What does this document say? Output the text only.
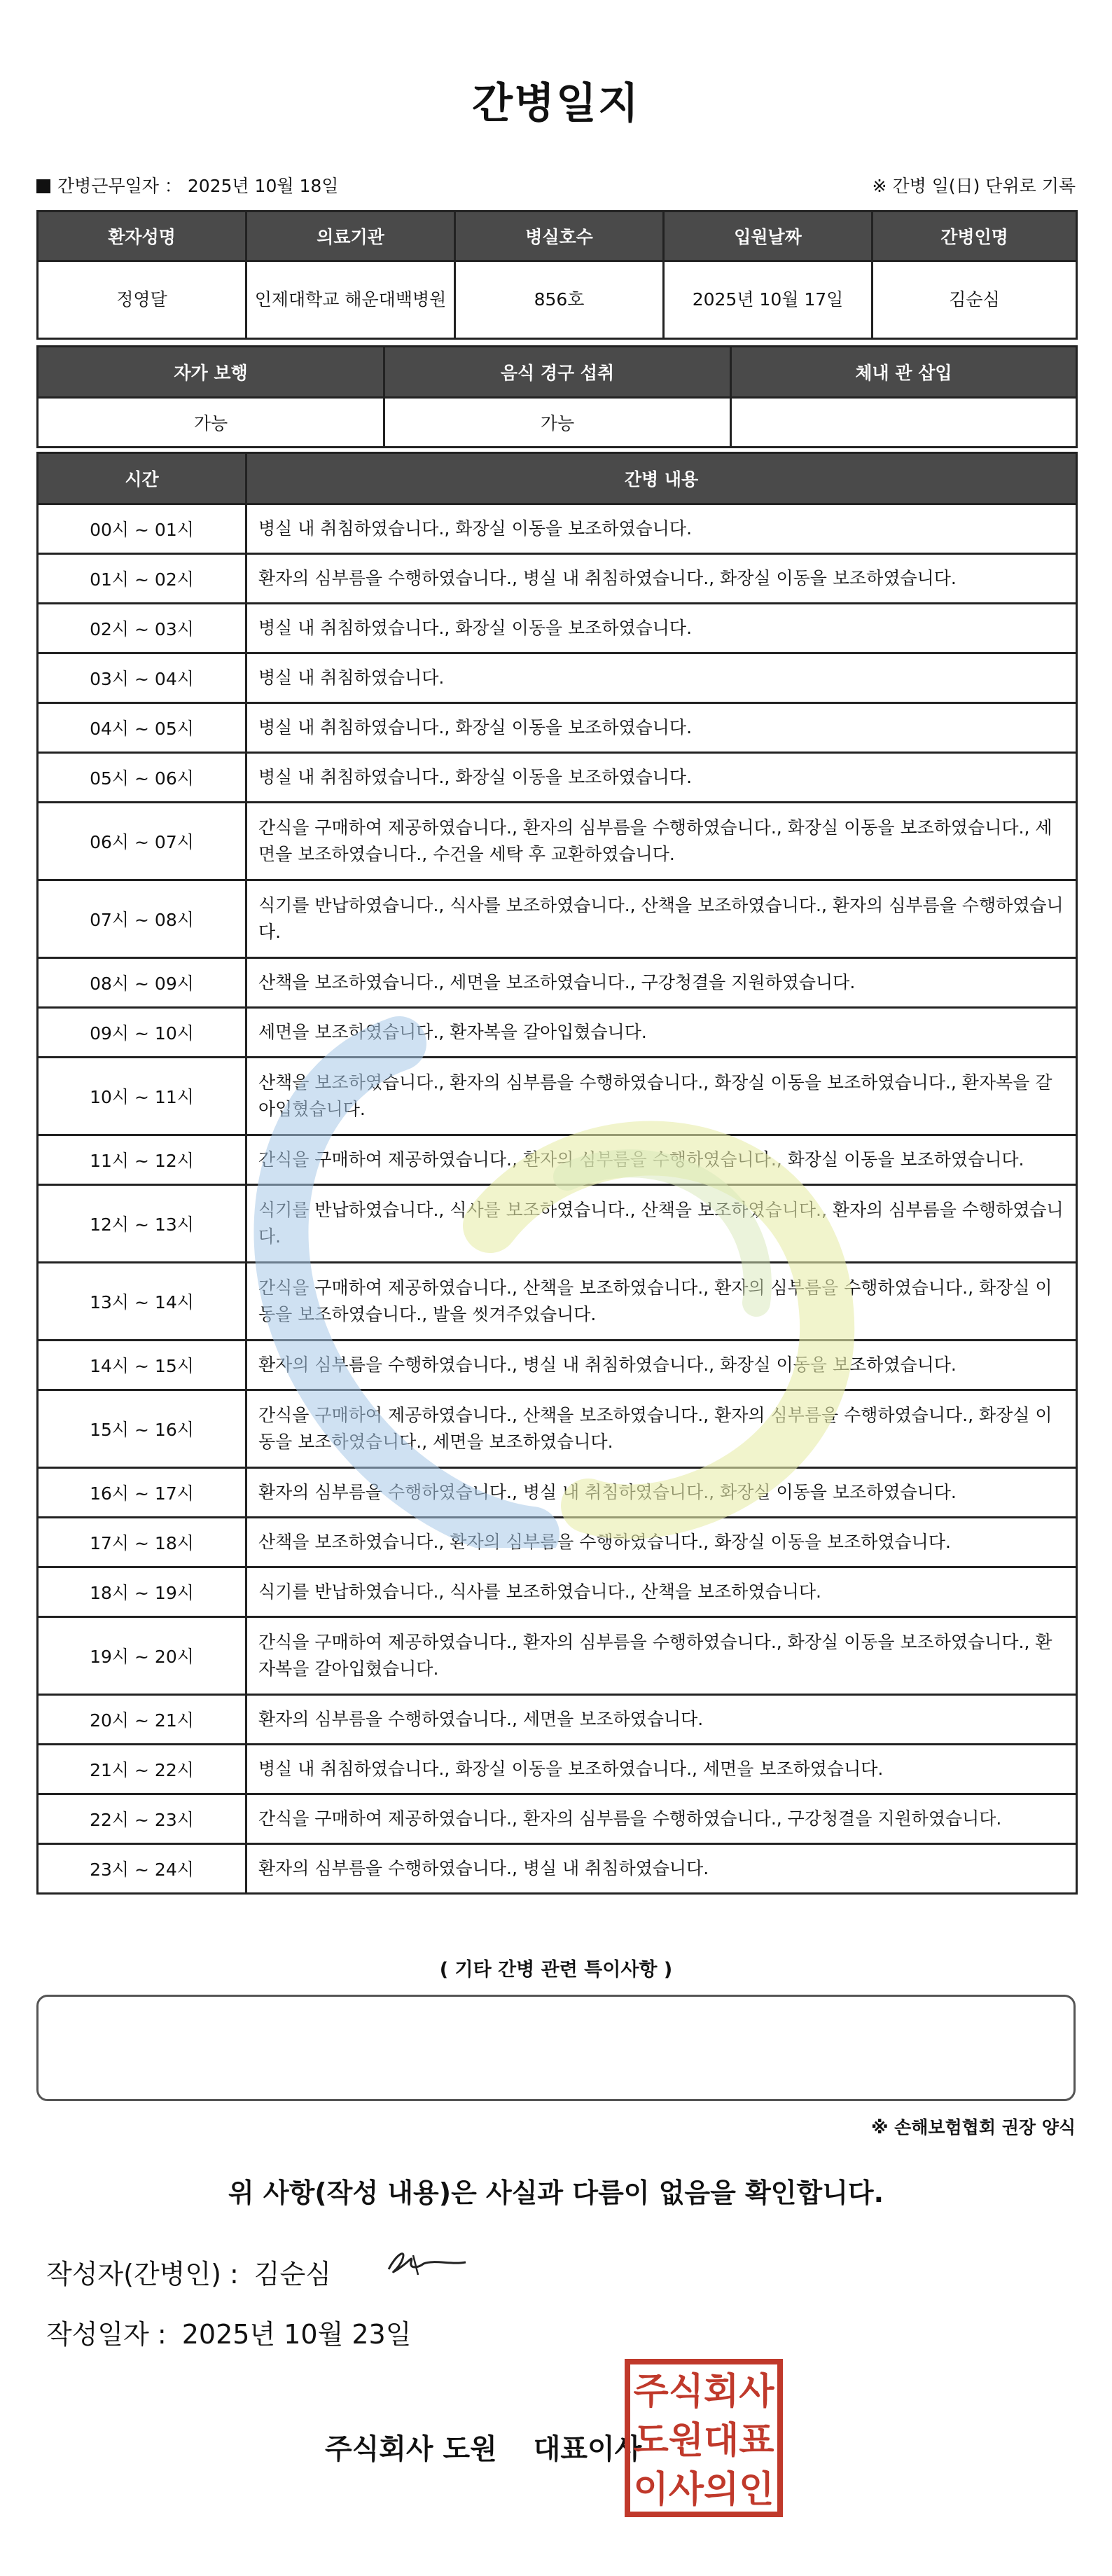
간병일지
간병근무일자 ： 2025년 10월 18일	※ 간병 일(日) 단위로 기록
환자성명	의료기관	병실호수	입원날짜	간병인명
정영달	인제대학교 해운대백병원	856호	2025년 10월 17일	김순심
자가 보행	음식 경구 섭취	체내 관 삽입
가능	가능	
시간	간병 내용
00시 ~ 01시	병실 내 취침하였습니다., 화장실 이동을 보조하였습니다.
01시 ~ 02시	환자의 심부름을 수행하였습니다., 병실 내 취침하였습니다., 화장실 이동을 보조하였습니다.
02시 ~ 03시	병실 내 취침하였습니다., 화장실 이동을 보조하였습니다.
03시 ~ 04시	병실 내 취침하였습니다.
04시 ~ 05시	병실 내 취침하였습니다., 화장실 이동을 보조하였습니다.
05시 ~ 06시	병실 내 취침하였습니다., 화장실 이동을 보조하였습니다.
06시 ~ 07시	간식을 구매하여 제공하였습니다., 환자의 심부름을 수행하였습니다., 화장실 이동을 보조하였습니다., 세면을 보조하였습니다., 수건을 세탁 후 교환하였습니다.
07시 ~ 08시	식기를 반납하였습니다., 식사를 보조하였습니다., 산책을 보조하였습니다., 환자의 심부름을 수행하였습니다.
08시 ~ 09시	산책을 보조하였습니다., 세면을 보조하였습니다., 구강청결을 지원하였습니다.
09시 ~ 10시	세면을 보조하였습니다., 환자복을 갈아입혔습니다.
10시 ~ 11시	산책을 보조하였습니다., 환자의 심부름을 수행하였습니다., 화장실 이동을 보조하였습니다., 환자복을 갈아입혔습니다.
11시 ~ 12시	간식을 구매하여 제공하였습니다., 환자의 심부름을 수행하였습니다., 화장실 이동을 보조하였습니다.
12시 ~ 13시	식기를 반납하였습니다., 식사를 보조하였습니다., 산책을 보조하였습니다., 환자의 심부름을 수행하였습니다.
13시 ~ 14시	간식을 구매하여 제공하였습니다., 산책을 보조하였습니다., 환자의 심부름을 수행하였습니다., 화장실 이동을 보조하였습니다., 발을 씻겨주었습니다.
14시 ~ 15시	환자의 심부름을 수행하였습니다., 병실 내 취침하였습니다., 화장실 이동을 보조하였습니다.
15시 ~ 16시	간식을 구매하여 제공하였습니다., 산책을 보조하였습니다., 환자의 심부름을 수행하였습니다., 화장실 이동을 보조하였습니다., 세면을 보조하였습니다.
16시 ~ 17시	환자의 심부름을 수행하였습니다., 병실 내 취침하였습니다., 화장실 이동을 보조하였습니다.
17시 ~ 18시	산책을 보조하였습니다., 환자의 심부름을 수행하였습니다., 화장실 이동을 보조하였습니다.
18시 ~ 19시	식기를 반납하였습니다., 식사를 보조하였습니다., 산책을 보조하였습니다.
19시 ~ 20시	간식을 구매하여 제공하였습니다., 환자의 심부름을 수행하였습니다., 화장실 이동을 보조하였습니다., 환자복을 갈아입혔습니다.
20시 ~ 21시	환자의 심부름을 수행하였습니다., 세면을 보조하였습니다.
21시 ~ 22시	병실 내 취침하였습니다., 화장실 이동을 보조하였습니다., 세면을 보조하였습니다.
22시 ~ 23시	간식을 구매하여 제공하였습니다., 환자의 심부름을 수행하였습니다., 구강청결을 지원하였습니다.
23시 ~ 24시	환자의 심부름을 수행하였습니다., 병실 내 취침하였습니다.
( 기타 간병 관련 특이사항 )
※ 손해보험협회 권장 양식
위 사항(작성 내용)은 사실과 다름이 없음을 확인합니다.
작성자(간병인) : 김순심
작성일자 : 2025년 10월 23일
주식회사 도원 대표이사
주식회사
도원대표
이사의인
